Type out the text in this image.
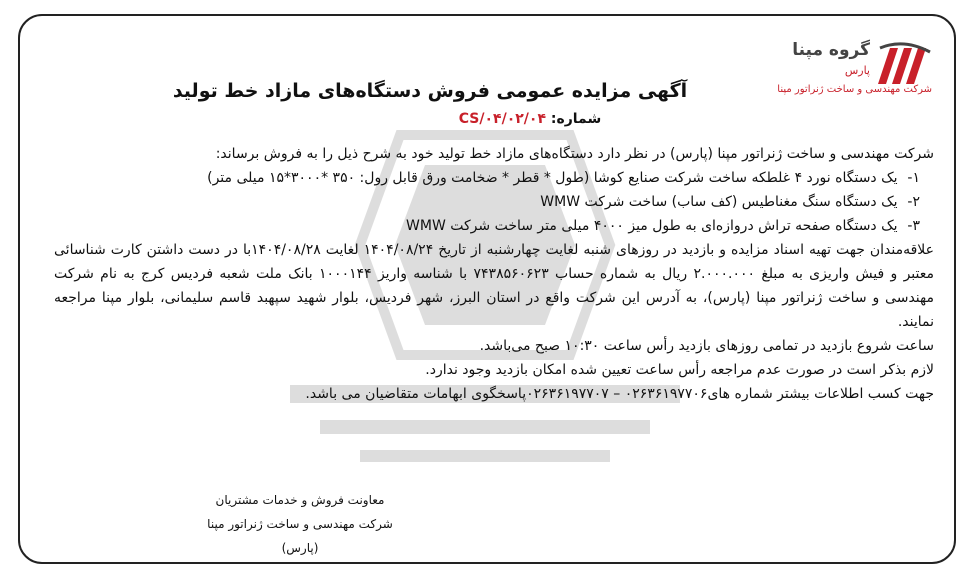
گروه مپنا
پارس
شرکت مهندسی و ساخت ژنراتور مپنا
آگهی مزایده عمومی فروش دستگاه‌های مازاد خط تولید
شماره: CS/۰۴/۰۲/۰۴

شرکت مهندسی و ساخت ژنراتور مپنا (پارس) در نظر دارد دستگاه‌های مازاد خط تولید خود به شرح ذیل را به فروش برساند:

۱- یک دستگاه نورد ۴ غلطکه ساخت شرکت صنایع کوشا (طول * قطر * ضخامت ورق قابل رول: ۳۵۰ *۳۰۰۰*۱۵ میلی متر)

۲- یک دستگاه سنگ مغناطیس (کف ساب) ساخت شرکت WMW

۳- یک دستگاه صفحه تراش دروازه‌ای به طول میز ۴۰۰۰ میلی متر ساخت شرکت WMW

علاقه‌مندان جهت تهیه اسناد مزایده و بازدید در روزهای شنبه لغایت چهارشنبه از تاریخ ۱۴۰۴/۰۸/۲۴ لغایت ۱۴۰۴/۰۸/۲۸با در دست داشتن کارت شناسائی معتبر و فیش واریزی به مبلغ ۲.۰۰۰.۰۰۰ ریال به شماره حساب ۷۴۳۸۵۶۰۶۲۳ با شناسه واریز ۱۰۰۰۱۴۴ بانک ملت شعبه فردیس کرج به نام شرکت مهندسی و ساخت ژنراتور مپنا (پارس)، به آدرس این شرکت واقع در استان البرز، شهر فردیس، بلوار شهید سپهبد قاسم سلیمانی، بلوار مپنا مراجعه نمایند.

ساعت شروع بازدید در تمامی روزهای بازدید رأس ساعت ۱۰:۳۰ صبح می‌باشد.

لازم بذکر است در صورت عدم مراجعه رأس ساعت تعیین شده امکان بازدید وجود ندارد.

جهت کسب اطلاعات بیشتر شماره های۰۲۶۳۶۱۹۷۷۰۶ – ۰۲۶۳۶۱۹۷۷۰۷پاسخگوی ابهامات متقاضیان می باشد.

معاونت فروش و خدمات مشتریان
شرکت مهندسی و ساخت ژنراتور مپنا (پارس)
